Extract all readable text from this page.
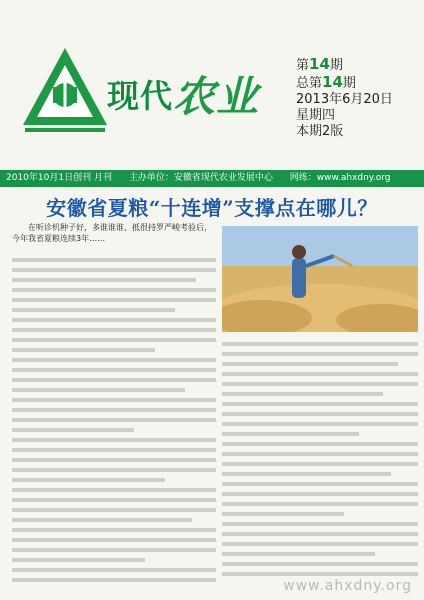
现代农业
第14期
总第14期
2013年6月20日
星期四
本期2版
2010年10月1日创刊 月刊 主办单位：安徽省现代农业发展中心 网练：www.ahxdny.org
安徽省夏粮“十连增”支撑点在哪儿？

在听诊机种子好，多谁谁谁、抵很持罗严峻考验后，今年我省夏粮连续3年……

www.ahxdny.org
